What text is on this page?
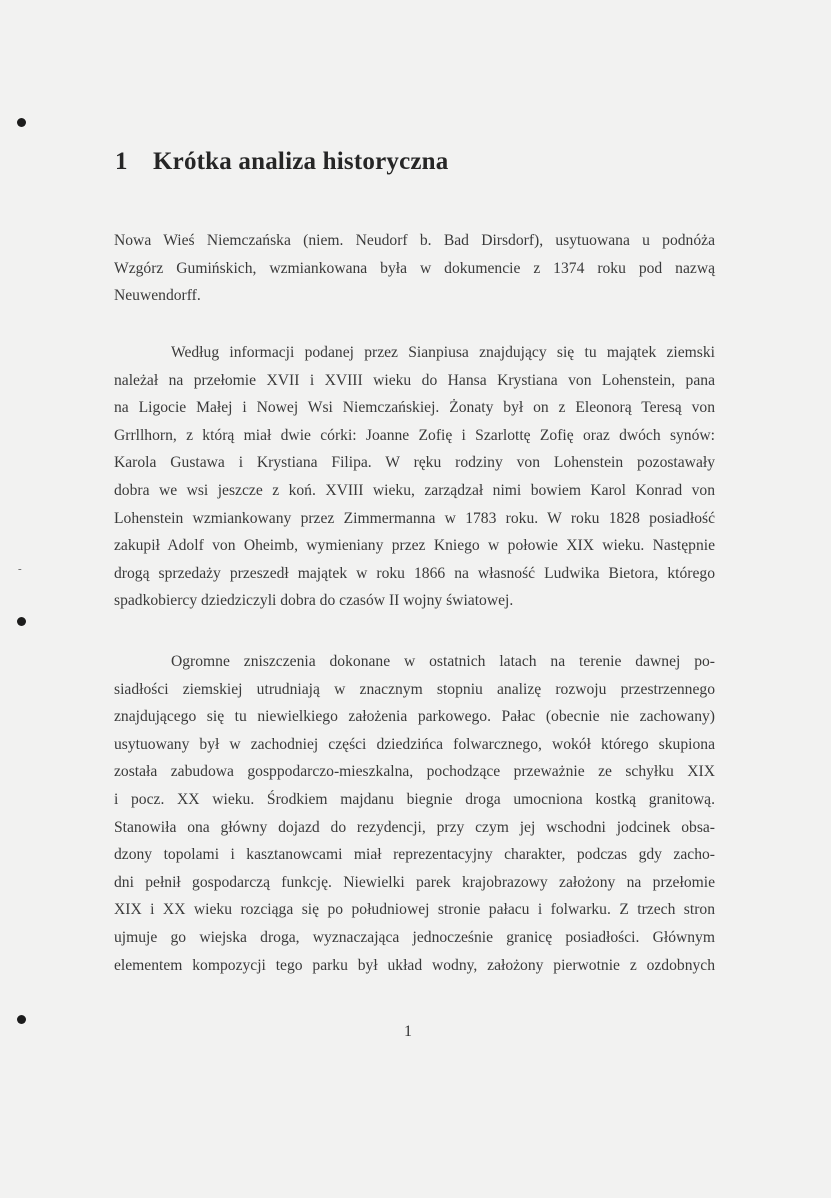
-
1 Krótka analiza historyczna

Nowa Wieś Niemczańska (niem. Neudorf b. Bad Dirsdorf), usytuowana u podnóża
Wzgórz Gumińskich, wzmiankowana była w dokumencie z 1374 roku pod nazwą
Neuwendorff.

Według informacji podanej przez Sianpiusa znajdujący się tu majątek ziemski
należał na przełomie XVII i XVIII wieku do Hansa Krystiana von Lohenstein, pana
na Ligocie Małej i Nowej Wsi Niemczańskiej. Żonaty był on z Eleonorą Teresą von
Grrllhorn, z którą miał dwie córki: Joanne Zofię i Szarlottę Zofię oraz dwóch synów:
Karola Gustawa i Krystiana Filipa. W ręku rodziny von Lohenstein pozostawały
dobra we wsi jeszcze z koń. XVIII wieku, zarządzał nimi bowiem Karol Konrad von
Lohenstein wzmiankowany przez Zimmermanna w 1783 roku. W roku 1828 posiadłość
zakupił Adolf von Oheimb, wymieniany przez Kniego w połowie XIX wieku. Następnie
drogą sprzedaży przeszedł majątek w roku 1866 na własność Ludwika Bietora, którego
spadkobiercy dziedziczyli dobra do czasów II wojny światowej.

Ogromne zniszczenia dokonane w ostatnich latach na terenie dawnej po-
siadłości ziemskiej utrudniają w znacznym stopniu analizę rozwoju przestrzennego
znajdującego się tu niewielkiego założenia parkowego. Pałac (obecnie nie zachowany)
usytuowany był w zachodniej części dziedzińca folwarcznego, wokół którego skupiona
została zabudowa gosppodarczo-mieszkalna, pochodzące przeważnie ze schyłku XIX
i pocz. XX wieku. Środkiem majdanu biegnie droga umocniona kostką granitową.
Stanowiła ona główny dojazd do rezydencji, przy czym jej wschodni jodcinek obsa-
dzony topolami i kasztanowcami miał reprezentacyjny charakter, podczas gdy zacho-
dni pełnił gospodarczą funkcję. Niewielki parek krajobrazowy założony na przełomie
XIX i XX wieku rozciąga się po południowej stronie pałacu i folwarku. Z trzech stron
ujmuje go wiejska droga, wyznaczająca jednocześnie granicę posiadłości. Głównym
elementem kompozycji tego parku był układ wodny, założony pierwotnie z ozdobnych

1
